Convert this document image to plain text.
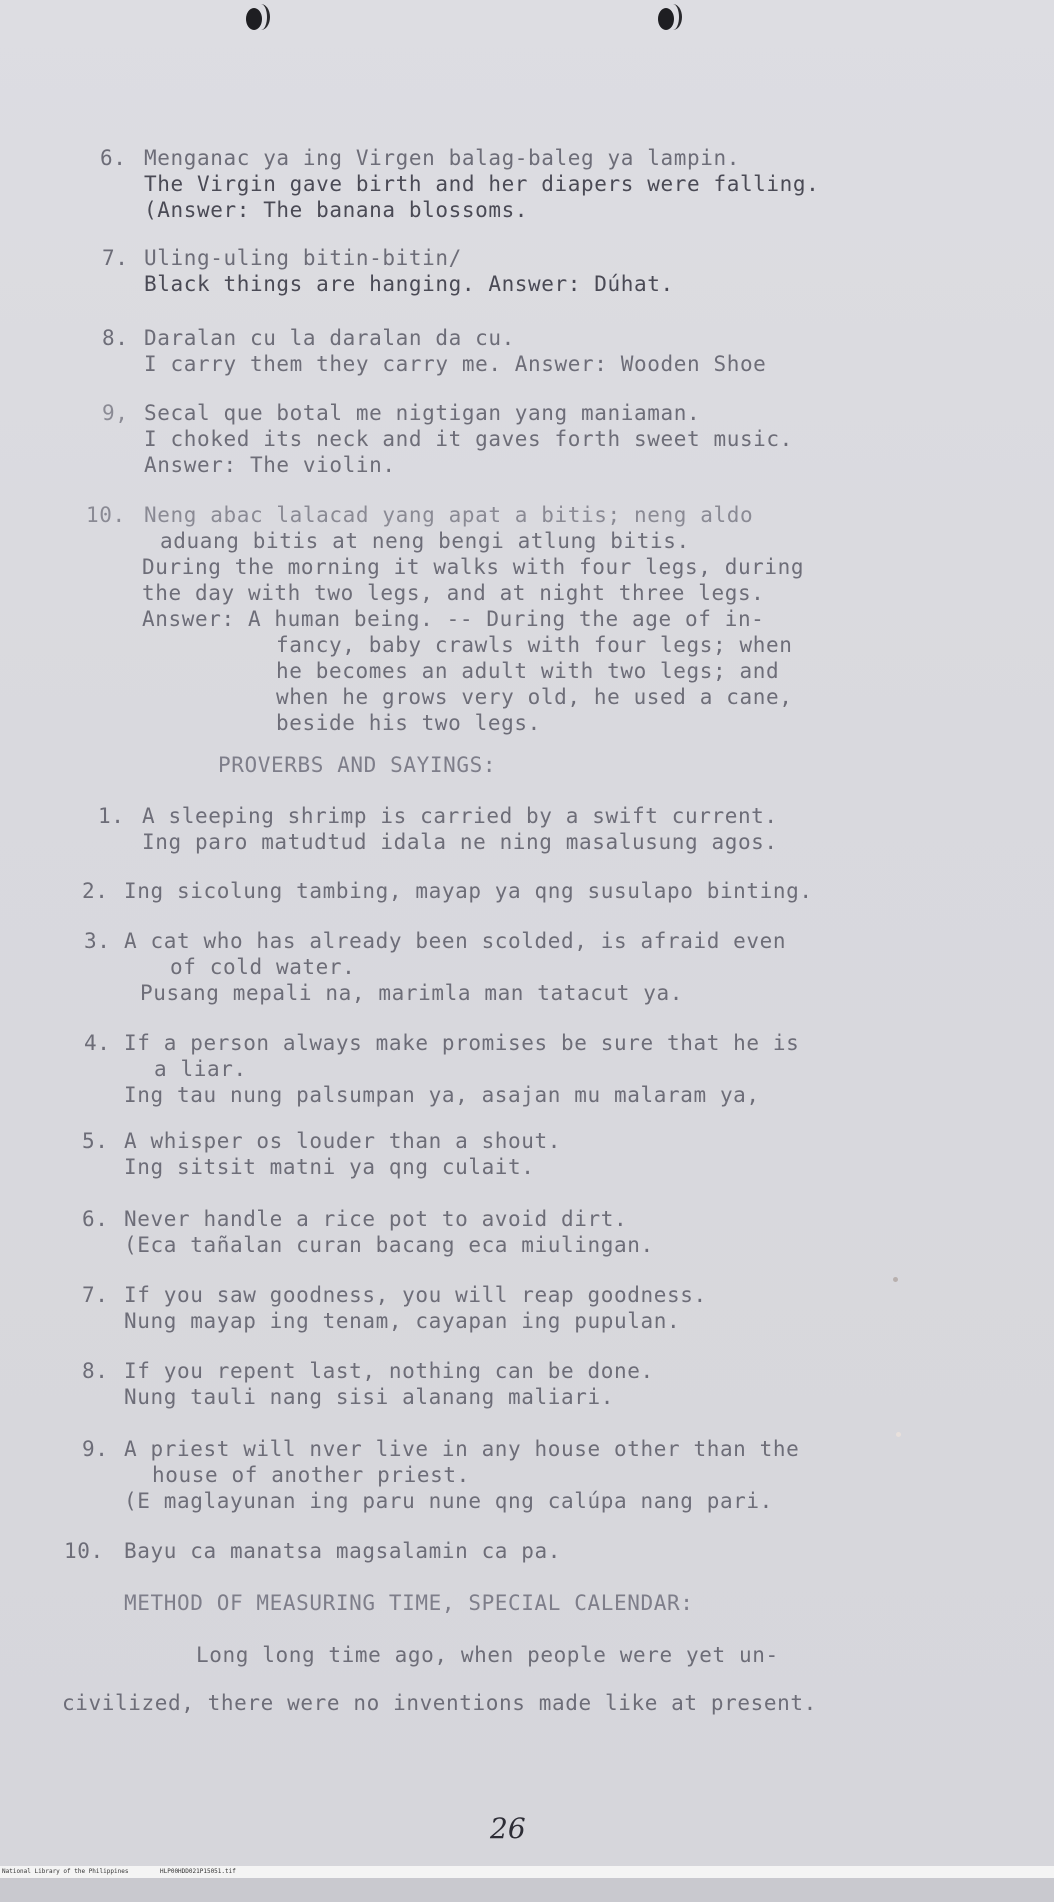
6. Menganac ya ing Virgen balag-baleg ya lampin.
The Virgin gave birth and her diapers were falling.
(Answer: The banana blossoms.
7. Uling-uling bitin-bitin/
Black things are hanging. Answer: Dúhat.
8. Daralan cu la daralan da cu.
I carry them they carry me. Answer: Wooden Shoe
9, Secal que botal me nigtigan yang maniaman.
I choked its neck and it gaves forth sweet music.
Answer: The violin.
10. Neng abac lalacad yang apat a bitis; neng aldo
aduang bitis at neng bengi atlung bitis.
During the morning it walks with four legs, during
the day with two legs, and at night three legs.
Answer: A human being. -- During the age of in-
fancy, baby crawls with four legs; when
he becomes an adult with two legs; and
when he grows very old, he used a cane,
beside his two legs.
PROVERBS AND SAYINGS:
1. A sleeping shrimp is carried by a swift current.
Ing paro matudtud idala ne ning masalusung agos.
2. Ing sicolung tambing, mayap ya qng susulapo binting.
3. A cat who has already been scolded, is afraid even
of cold water.
Pusang mepali na, marimla man tatacut ya.
4. If a person always make promises be sure that he is
a liar.
Ing tau nung palsumpan ya, asajan mu malaram ya,
5. A whisper os louder than a shout.
Ing sitsit matni ya qng culait.
6. Never handle a rice pot to avoid dirt.
(Eca tañalan curan bacang eca miulingan.
7. If you saw goodness, you will reap goodness.
Nung mayap ing tenam, cayapan ing pupulan.
8. If you repent last, nothing can be done.
Nung tauli nang sisi alanang maliari.
9. A priest will nver live in any house other than the
house of another priest.
(E maglayunan ing paru nune qng calúpa nang pari.
10. Bayu ca manatsa magsalamin ca pa.
METHOD OF MEASURING TIME, SPECIAL CALENDAR:
Long long time ago, when people were yet un-
civilized, there were no inventions made like at present.
26

National Library of the Philippines

	HLP00HDD021P15051.tif
